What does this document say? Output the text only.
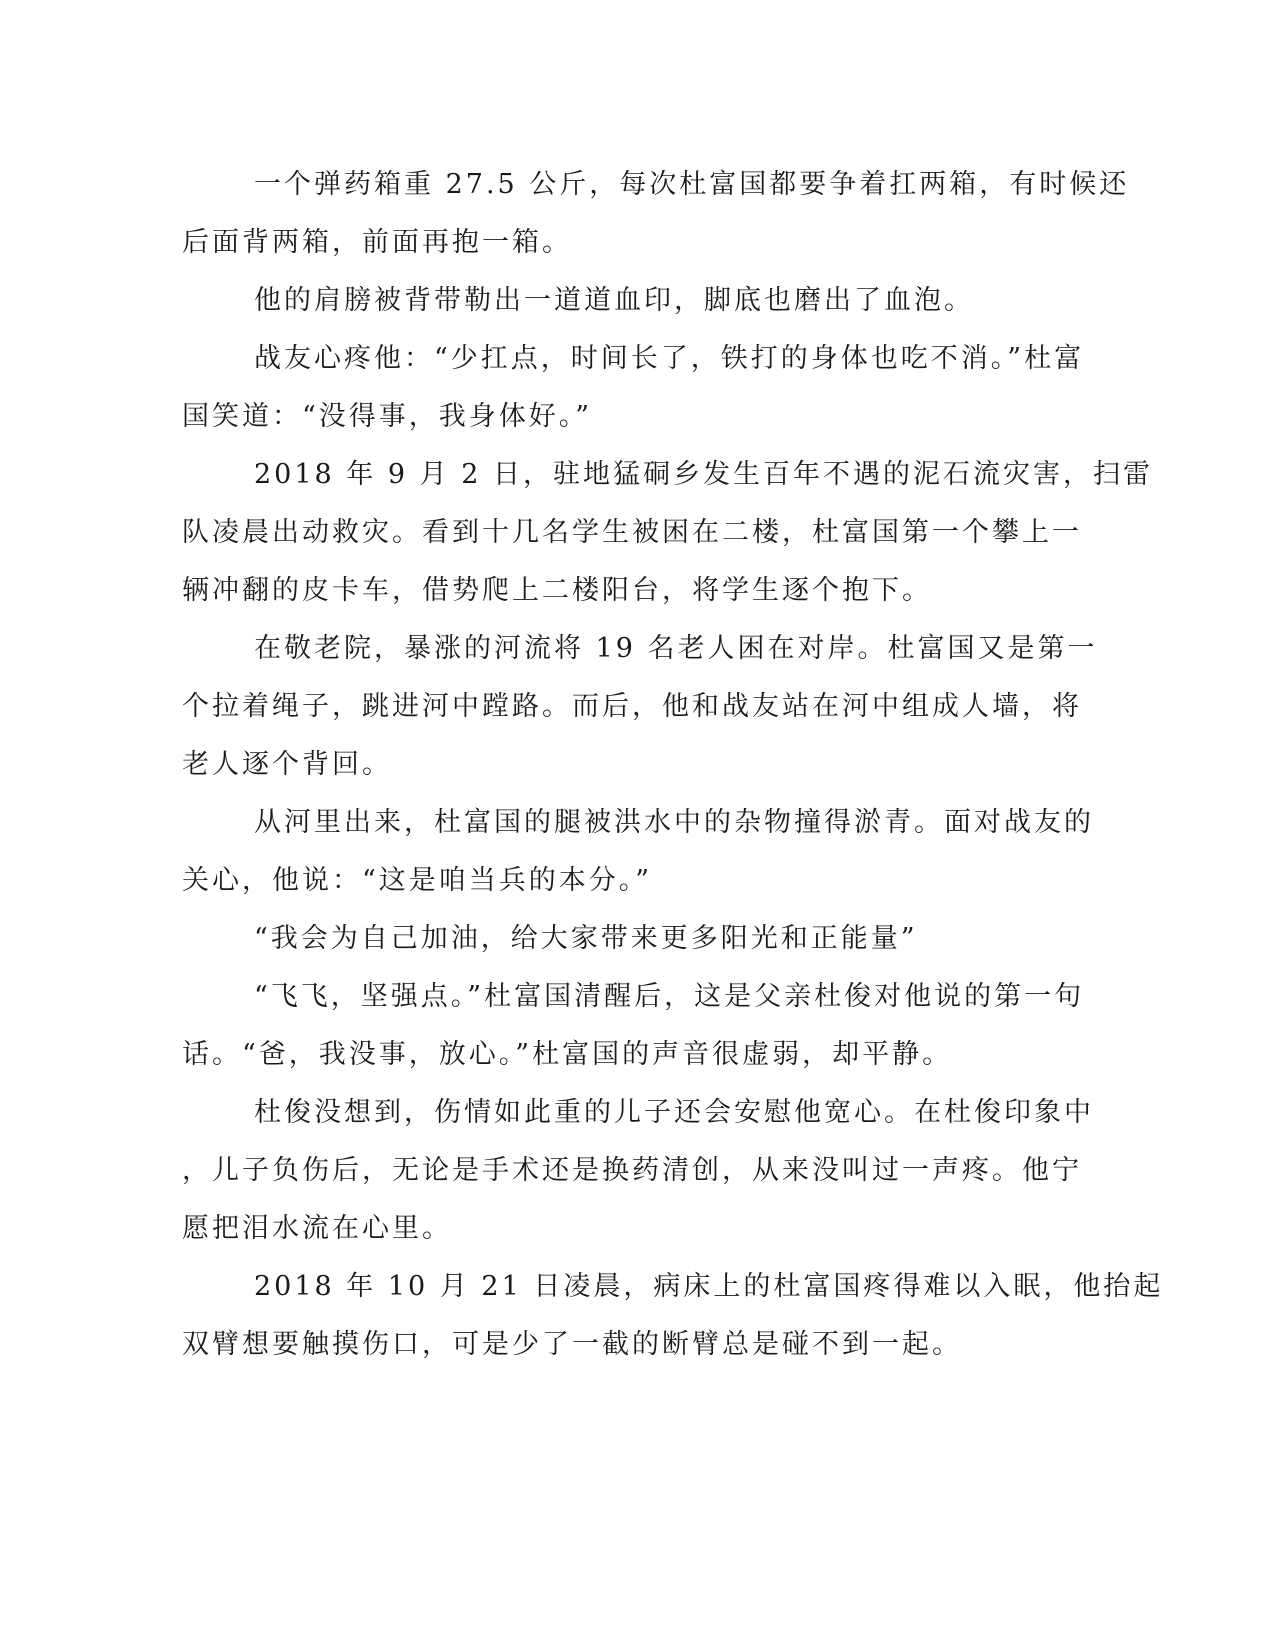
一个弹药箱重 27.5 公斤，每次杜富国都要争着扛两箱，有时候还
后面背两箱，前面再抱一箱。
他的肩膀被背带勒出一道道血印，脚底也磨出了血泡。
战友心疼他：“少扛点，时间长了，铁打的身体也吃不消。”杜富
国笑道：“没得事，我身体好。”
2018 年 9 月 2 日，驻地猛硐乡发生百年不遇的泥石流灾害，扫雷
队凌晨出动救灾。看到十几名学生被困在二楼，杜富国第一个攀上一
辆冲翻的皮卡车，借势爬上二楼阳台，将学生逐个抱下。
在敬老院，暴涨的河流将 19 名老人困在对岸。杜富国又是第一
个拉着绳子，跳进河中蹚路。而后，他和战友站在河中组成人墙，将
老人逐个背回。
从河里出来，杜富国的腿被洪水中的杂物撞得淤青。面对战友的
关心，他说：“这是咱当兵的本分。”
“我会为自己加油，给大家带来更多阳光和正能量”
“飞飞，坚强点。”杜富国清醒后，这是父亲杜俊对他说的第一句
话。“爸，我没事，放心。”杜富国的声音很虚弱，却平静。
杜俊没想到，伤情如此重的儿子还会安慰他宽心。在杜俊印象中
，儿子负伤后，无论是手术还是换药清创，从来没叫过一声疼。他宁
愿把泪水流在心里。
2018 年 10 月 21 日凌晨，病床上的杜富国疼得难以入眠，他抬起
双臂想要触摸伤口，可是少了一截的断臂总是碰不到一起。
